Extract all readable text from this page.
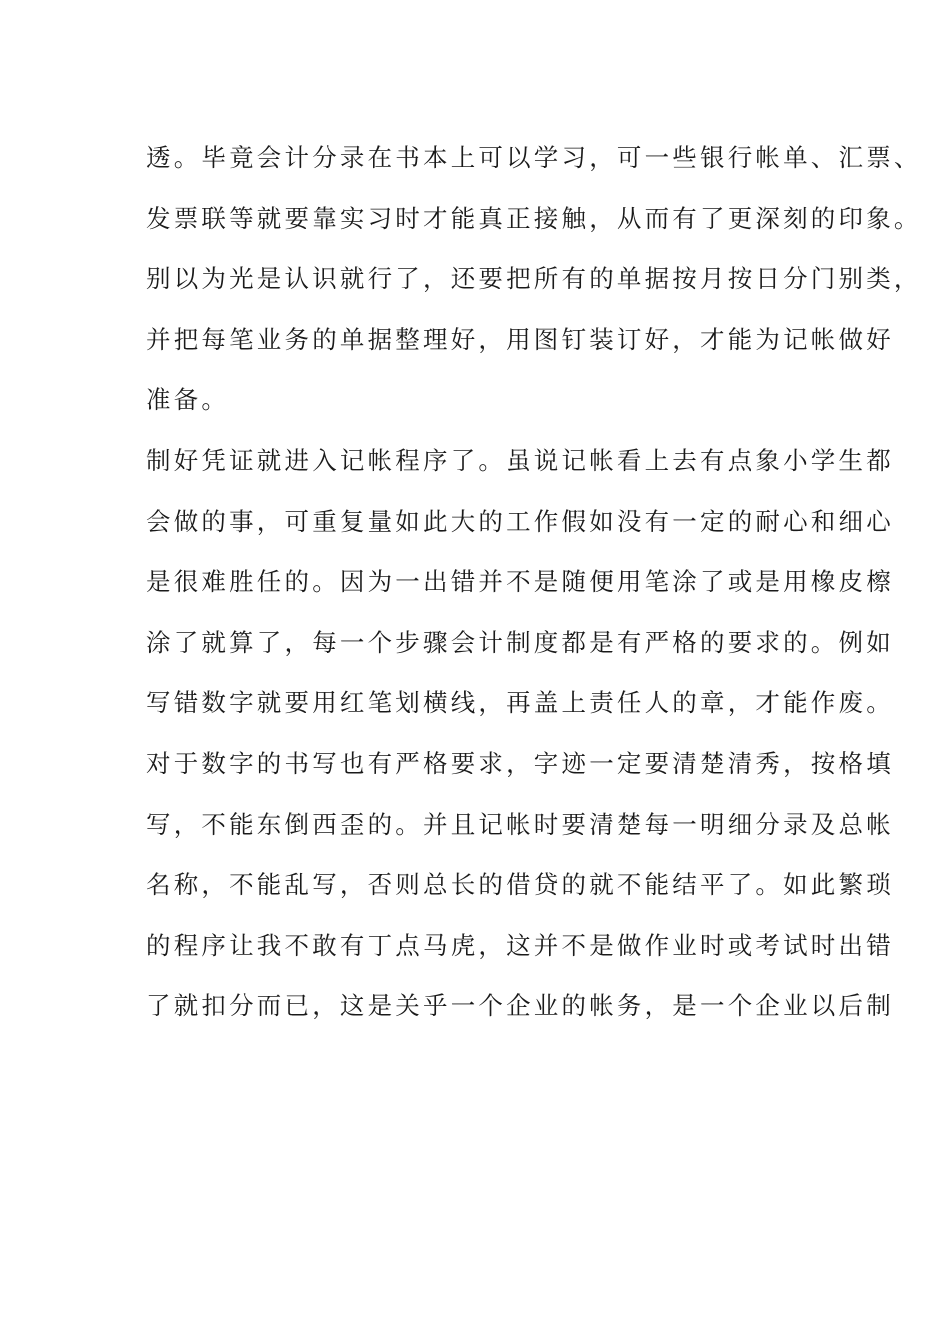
透。毕竟会计分录在书本上可以学习，可一些银行帐单、汇票、
发票联等就要靠实习时才能真正接触，从而有了更深刻的印象。
别以为光是认识就行了，还要把所有的单据按月按日分门别类，
并把每笔业务的单据整理好，用图钉装订好，才能为记帐做好
准备。
制好凭证就进入记帐程序了。虽说记帐看上去有点象小学生都
会做的事，可重复量如此大的工作假如没有一定的耐心和细心
是很难胜任的。因为一出错并不是随便用笔涂了或是用橡皮檫
涂了就算了，每一个步骤会计制度都是有严格的要求的。例如
写错数字就要用红笔划横线，再盖上责任人的章，才能作废。
对于数字的书写也有严格要求，字迹一定要清楚清秀，按格填
写，不能东倒西歪的。并且记帐时要清楚每一明细分录及总帐
名称，不能乱写，否则总长的借贷的就不能结平了。如此繁琐
的程序让我不敢有丁点马虎，这并不是做作业时或考试时出错
了就扣分而已，这是关乎一个企业的帐务，是一个企业以后制
